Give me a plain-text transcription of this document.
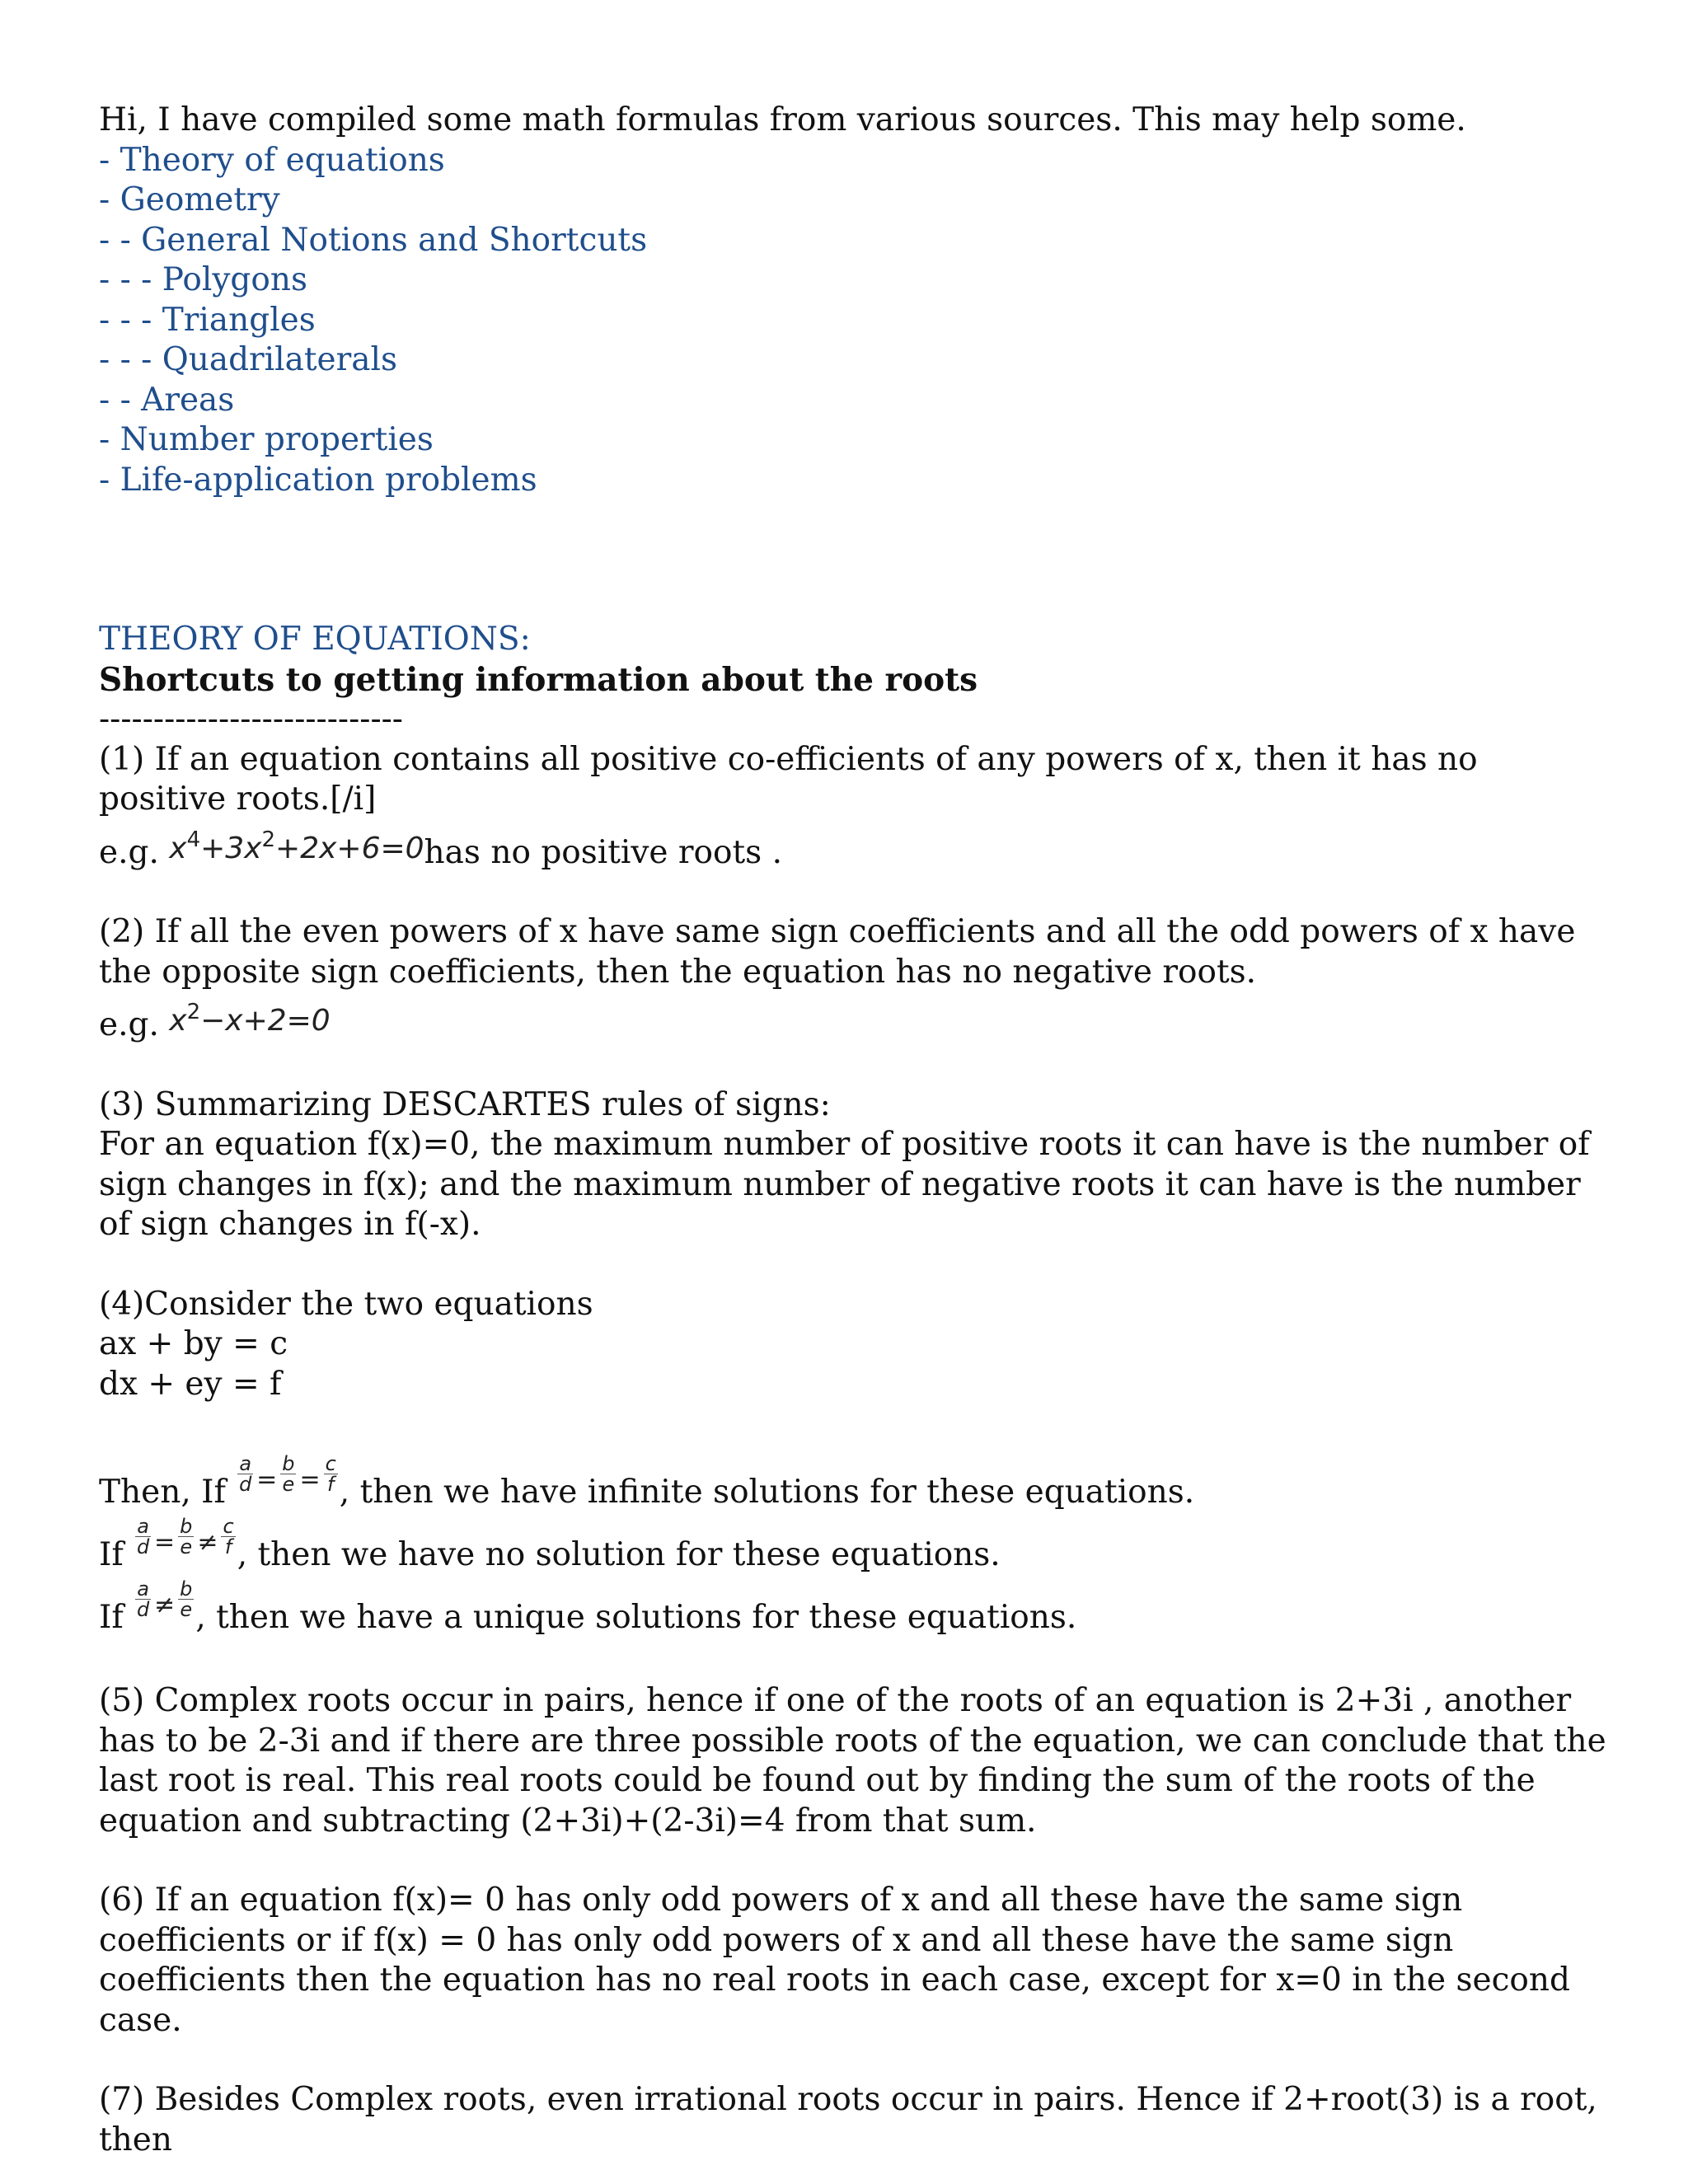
Hi, I have compiled some math formulas from various sources. This may help some.
- Theory of equations
- Geometry
- - General Notions and Shortcuts
- - - Polygons
- - - Triangles
- - - Quadrilaterals
- - Areas
- Number properties
- Life-application problems
THEORY OF EQUATIONS:
Shortcuts to getting information about the roots
----------------------------
(1) If an equation contains all positive co-efficients of any powers of x, then it has no positive roots.[/i]
e.g. $x^4+3x^2+2x+6=0has$ no positive roots .
(2) If all the even powers of x have same sign coefficients and all the odd powers of x have the opposite sign coefficients, then the equation has no negative roots.
e.g. $x^2-x+2=0$
(3) Summarizing DESCARTES rules of signs:
For an equation f(x)=0, the maximum number of positive roots it can have is the number of sign changes in f(x); and the maximum number of negative roots it can have is the number of sign changes in f(-x).
(4)Consider the two equations
ax + by = c
dx + ey = f
Then, If $\frac{a}{d} = \frac{b}{e} = \frac{c}{f}$ , then we have infinite solutions for these equations.
If $\frac{a}{d} = \frac{b}{e} \ne \frac{c}{f}$ , then we have no solution for these equations.
If $\frac{a}{d} \ne \frac{b}{e}$ , then we have a unique solutions for these equations.
(5) Complex roots occur in pairs, hence if one of the roots of an equation is 2+3i , another has to be 2-3i and if there are three possible roots of the equation, we can conclude that the last root is real. This real roots could be found out by finding the sum of the roots of the equation and subtracting (2+3i)+(2-3i)=4 from that sum.
(6) If an equation f(x)= 0 has only odd powers of x and all these have the same sign coefficients or if f(x) = 0 has only odd powers of x and all these have the same sign coefficients then the equation has no real roots in each case, except for x=0 in the second case.
(7) Besides Complex roots, even irrational roots occur in pairs. Hence if 2+root(3) is a root, then
